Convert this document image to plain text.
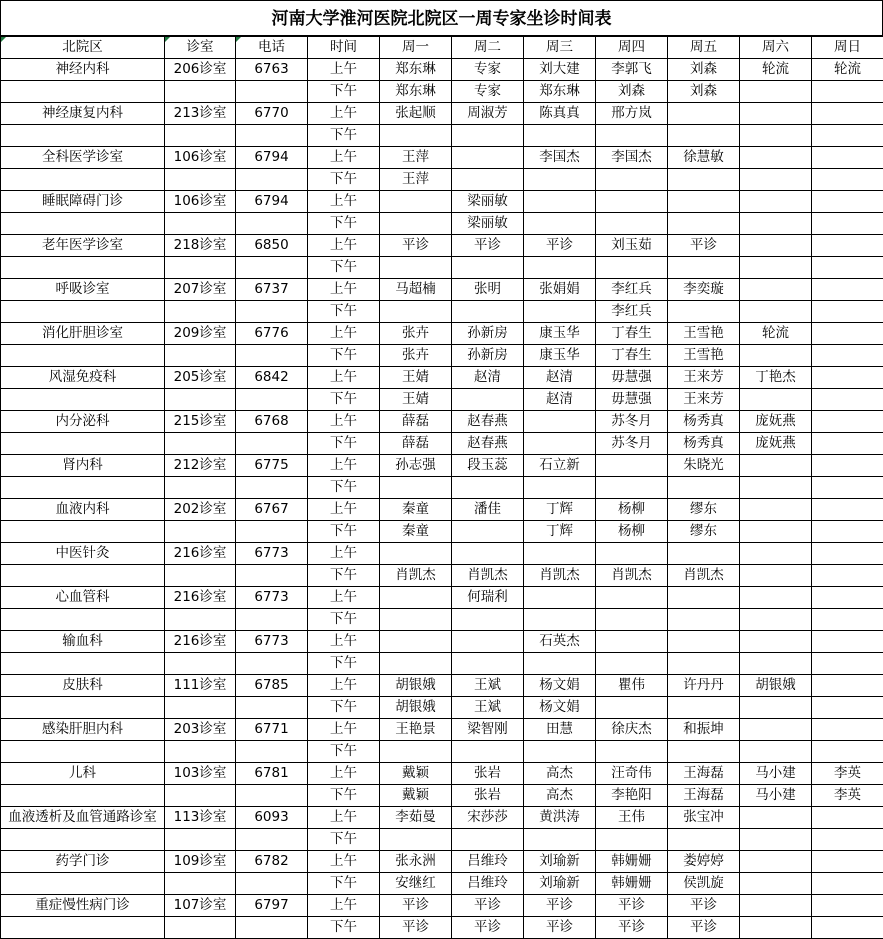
河南大学淮河医院北院区一周专家坐诊时间表
北院区	诊室	电话	时间	周一	周二	周三	周四	周五	周六	周日
神经内科	206诊室	6763	上午	郑东琳	专家	刘大建	李郭飞	刘森	轮流	轮流
			下午	郑东琳	专家	郑东琳	刘森	刘森		
神经康复内科	213诊室	6770	上午	张起顺	周淑芳	陈真真	邢方岚			
			下午							
全科医学诊室	106诊室	6794	上午	王萍		李国杰	李国杰	徐慧敏		
			下午	王萍						
睡眠障碍门诊	106诊室	6794	上午		梁丽敏					
			下午		梁丽敏					
老年医学诊室	218诊室	6850	上午	平诊	平诊	平诊	刘玉茹	平诊		
			下午							
呼吸诊室	207诊室	6737	上午	马超楠	张明	张娟娟	李红兵	李奕璇		
			下午				李红兵			
消化肝胆诊室	209诊室	6776	上午	张卉	孙新房	康玉华	丁春生	王雪艳	轮流	
			下午	张卉	孙新房	康玉华	丁春生	王雪艳		
风湿免疫科	205诊室	6842	上午	王婧	赵清	赵清	毋慧强	王来芳	丁艳杰	
			下午	王婧		赵清	毋慧强	王来芳		
内分泌科	215诊室	6768	上午	薛磊	赵春燕		苏冬月	杨秀真	庞妩燕	
			下午	薛磊	赵春燕		苏冬月	杨秀真	庞妩燕	
肾内科	212诊室	6775	上午	孙志强	段玉蕊	石立新		朱晓光		
			下午							
血液内科	202诊室	6767	上午	秦童	潘佳	丁辉	杨柳	缪东		
			下午	秦童		丁辉	杨柳	缪东		
中医针灸	216诊室	6773	上午							
			下午	肖凯杰	肖凯杰	肖凯杰	肖凯杰	肖凯杰		
心血管科	216诊室	6773	上午		何瑞利					
			下午							
输血科	216诊室	6773	上午			石英杰				
			下午							
皮肤科	111诊室	6785	上午	胡银娥	王斌	杨文娟	瞿伟	许丹丹	胡银娥	
			下午	胡银娥	王斌	杨文娟				
感染肝胆内科	203诊室	6771	上午	王艳景	梁智刚	田慧	徐庆杰	和振坤		
			下午							
儿科	103诊室	6781	上午	戴颖	张岩	高杰	汪奇伟	王海磊	马小建	李英
			下午	戴颖	张岩	高杰	李艳阳	王海磊	马小建	李英
血液透析及血管通路诊室	113诊室	6093	上午	李茹曼	宋莎莎	黄洪涛	王伟	张宝冲		
			下午							
药学门诊	109诊室	6782	上午	张永洲	吕维玲	刘瑜新	韩姗姗	娄婷婷		
			下午	安继红	吕维玲	刘瑜新	韩姗姗	侯凯旋		
重症慢性病门诊	107诊室	6797	上午	平诊	平诊	平诊	平诊	平诊		
			下午	平诊	平诊	平诊	平诊	平诊		
